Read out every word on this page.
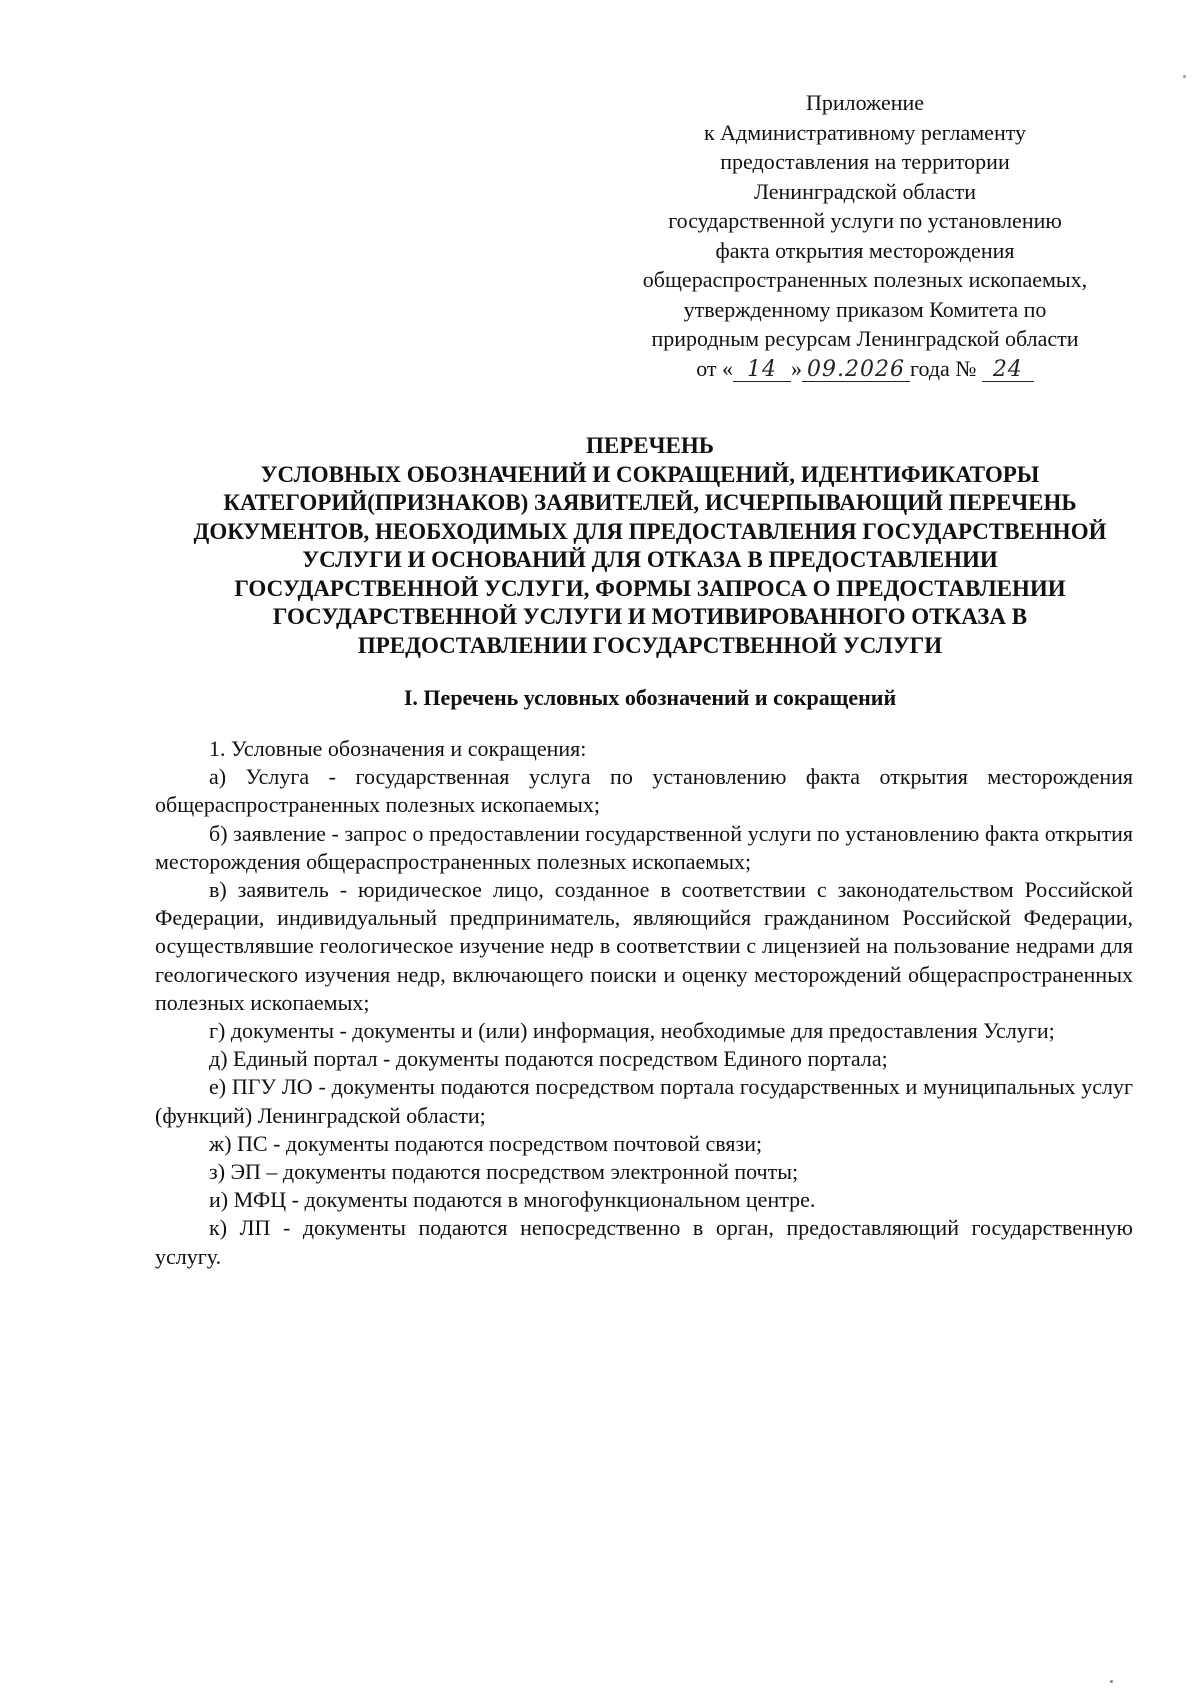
Приложение
к Административному регламенту
предоставления на территории
Ленинградской области
государственной услуги по установлению
факта открытия месторождения
общераспространенных полезных ископаемых,
утвержденному приказом Комитета по
природным ресурсам Ленинградской области
от « 14 » 09.2026 года № 24
ПЕРЕЧЕНЬ
УСЛОВНЫХ ОБОЗНАЧЕНИЙ И СОКРАЩЕНИЙ, ИДЕНТИФИКАТОРЫ
КАТЕГОРИЙ(ПРИЗНАКОВ) ЗАЯВИТЕЛЕЙ, ИСЧЕРПЫВАЮЩИЙ ПЕРЕЧЕНЬ
ДОКУМЕНТОВ, НЕОБХОДИМЫХ ДЛЯ ПРЕДОСТАВЛЕНИЯ ГОСУДАРСТВЕННОЙ
УСЛУГИ И ОСНОВАНИЙ ДЛЯ ОТКАЗА В ПРЕДОСТАВЛЕНИИ
ГОСУДАРСТВЕННОЙ УСЛУГИ, ФОРМЫ ЗАПРОСА О ПРЕДОСТАВЛЕНИИ
ГОСУДАРСТВЕННОЙ УСЛУГИ И МОТИВИРОВАННОГО ОТКАЗА В
ПРЕДОСТАВЛЕНИИ ГОСУДАРСТВЕННОЙ УСЛУГИ
I. Перечень условных обозначений и сокращений

1. Условные обозначения и сокращения:

а) Услуга - государственная услуга по установлению факта открытия месторождения общераспространенных полезных ископаемых;

б) заявление - запрос о предоставлении государственной услуги по установлению факта открытия месторождения общераспространенных полезных ископаемых;

в) заявитель - юридическое лицо, созданное в соответствии с законодательством Российской Федерации, индивидуальный предприниматель, являющийся гражданином Российской Федерации, осуществлявшие геологическое изучение недр в соответствии с лицензией на пользование недрами для геологического изучения недр, включающего поиски и оценку месторождений общераспространенных полезных ископаемых;

г) документы - документы и (или) информация, необходимые для предоставления Услуги;

д) Единый портал - документы подаются посредством Единого портала;

е) ПГУ ЛО - документы подаются посредством портала государственных и муниципальных услуг (функций) Ленинградской области;

ж) ПС - документы подаются посредством почтовой связи;

з) ЭП – документы подаются посредством электронной почты;

и) МФЦ - документы подаются в многофункциональном центре.

к) ЛП - документы подаются непосредственно в орган, предоставляющий государственную услугу.
